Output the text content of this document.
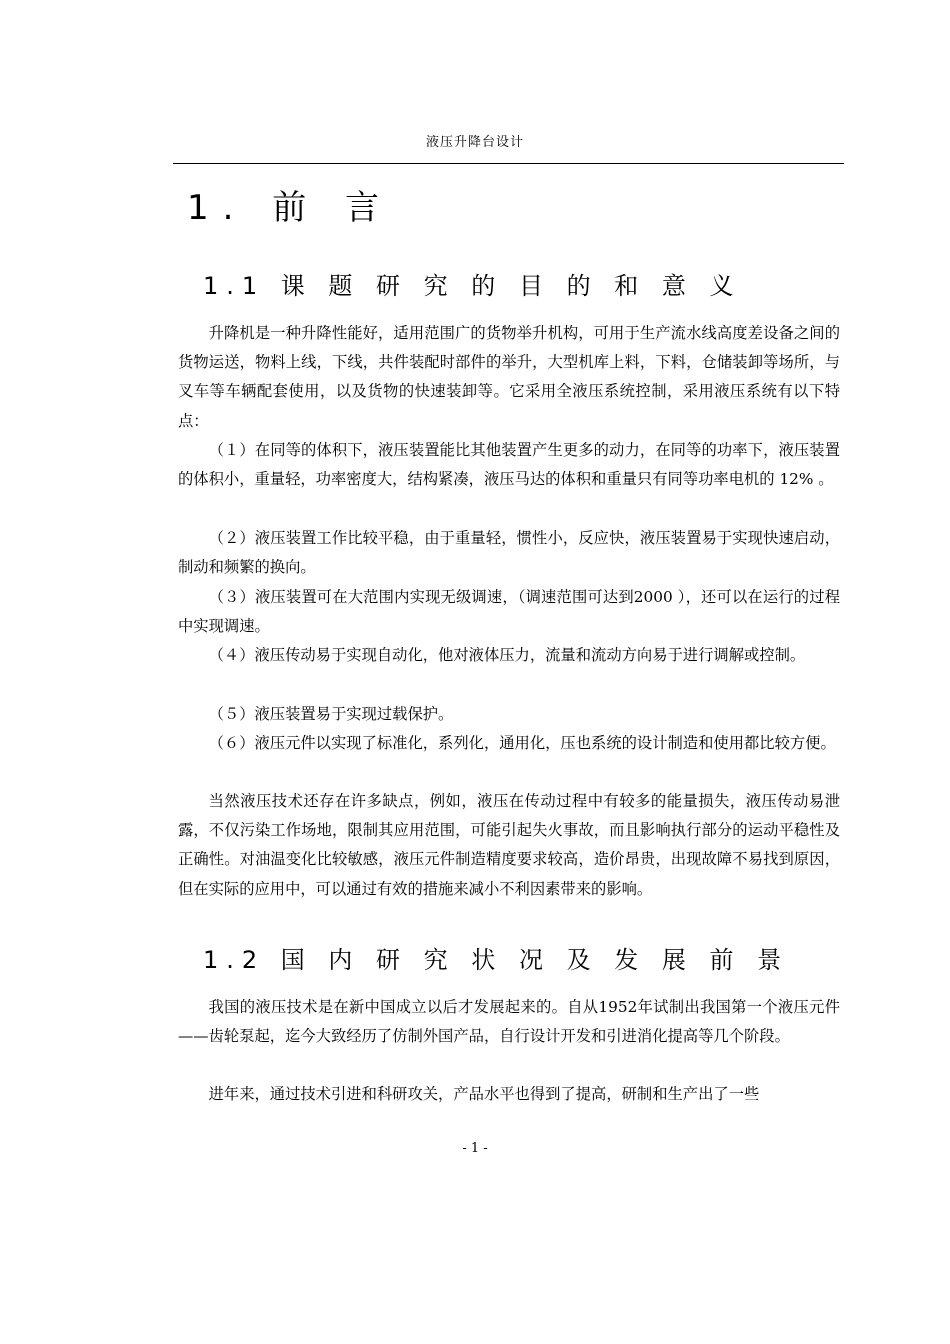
液压升降台设计
1. 前 言
1.1 课 题 研 究 的 目 的 和 意 义

升降机是一种升降性能好，适用范围广的货物举升机构，可用于生产流水线高度差设备之间的货物运送，物料上线，下线，共件装配时部件的举升，大型机库上料，下料，仓储装卸等场所，与叉车等车辆配套使用，以及货物的快速装卸等。它采用全液压系统控制，采用液压系统有以下特点：

（１）在同等的体积下，液压装置能比其他装置产生更多的动力，在同等的功率下，液压装置的体积小，重量轻，功率密度大，结构紧凑，液压马达的体积和重量只有同等功率电机的 12% 。

（２）液压装置工作比较平稳，由于重量轻，惯性小，反应快，液压装置易于实现快速启动，制动和频繁的换向。

（３）液压装置可在大范围内实现无级调速，（调速范围可达到2000 ），还可以在运行的过程中实现调速。

（４）液压传动易于实现自动化，他对液体压力，流量和流动方向易于进行调解或控制。

（５）液压装置易于实现过载保护。

（６）液压元件以实现了标准化，系列化，通用化，压也系统的设计制造和使用都比较方便。

当然液压技术还存在许多缺点，例如，液压在传动过程中有较多的能量损失，液压传动易泄露，不仅污染工作场地，限制其应用范围，可能引起失火事故，而且影响执行部分的运动平稳性及正确性。对油温变化比较敏感，液压元件制造精度要求较高，造价昂贵，出现故障不易找到原因，但在实际的应用中，可以通过有效的措施来减小不利因素带来的影响。

1.2 国 内 研 究 状 况 及 发 展 前 景

我国的液压技术是在新中国成立以后才发展起来的。自从1952年试制出我国第一个液压元件——齿轮泵起，迄今大致经历了仿制外国产品，自行设计开发和引进消化提高等几个阶段。

进年来，通过技术引进和科研攻关，产品水平也得到了提高，研制和生产出了一些

- 1 -
